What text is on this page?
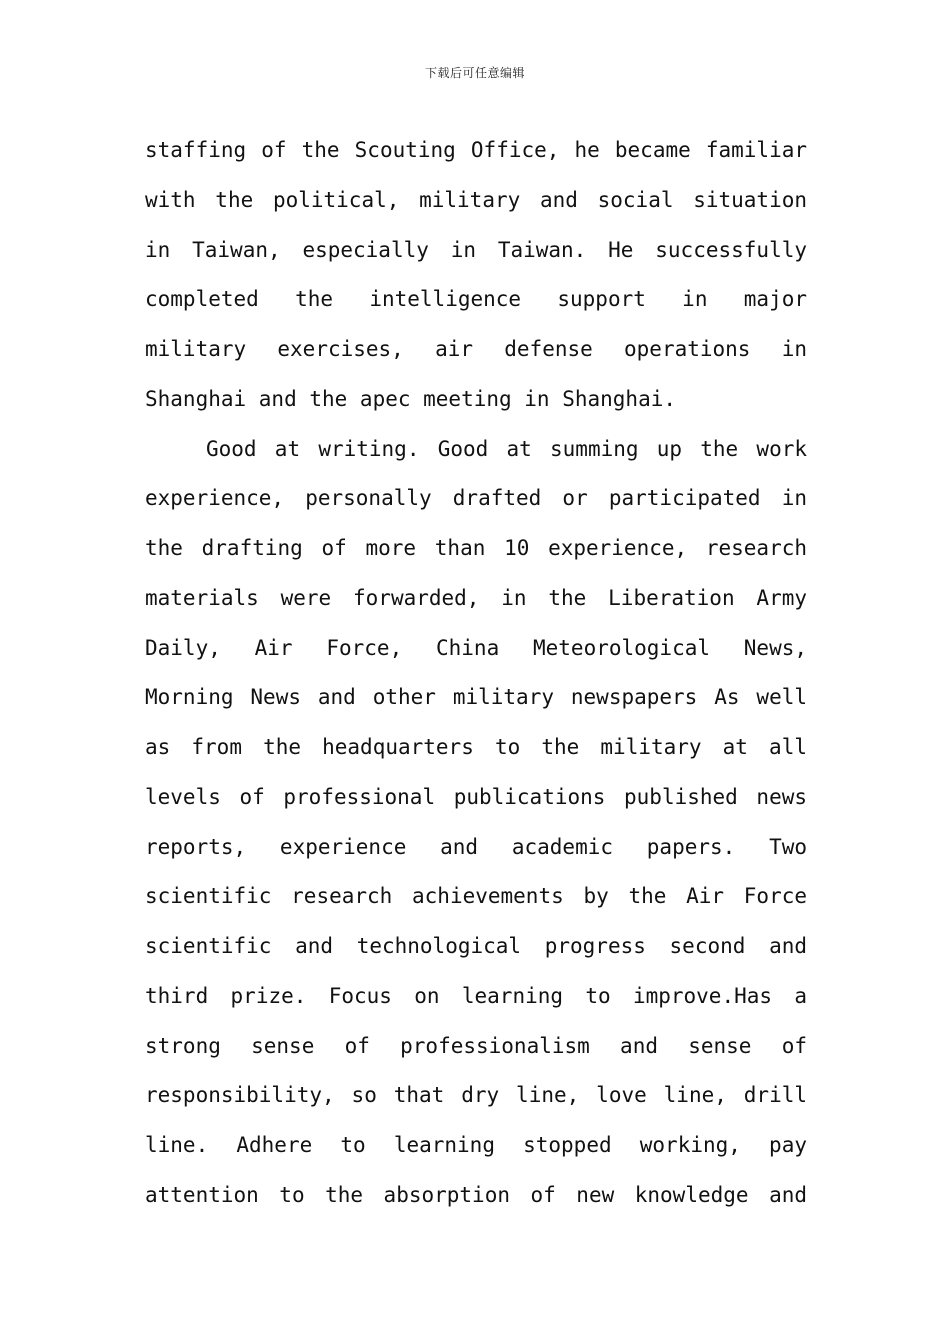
下载后可任意编辑
staffing of the Scouting Office, he became familiar
with the political, military and social situation
in Taiwan, especially in Taiwan. He successfully
completed the intelligence support in major
military exercises, air defense operations in
Shanghai and the apec meeting in Shanghai.
Good at writing. Good at summing up the work
experience, personally drafted or participated in
the drafting of more than 10 experience, research
materials were forwarded, in the Liberation Army
Daily, Air Force, China Meteorological News,
Morning News and other military newspapers As well
as from the headquarters to the military at all
levels of professional publications published news
reports, experience and academic papers. Two
scientific research achievements by the Air Force
scientific and technological progress second and
third prize. Focus on learning to improve.Has a
strong sense of professionalism and sense of
responsibility, so that dry line, love line, drill
line. Adhere to learning stopped working, pay
attention to the absorption of new knowledge and
